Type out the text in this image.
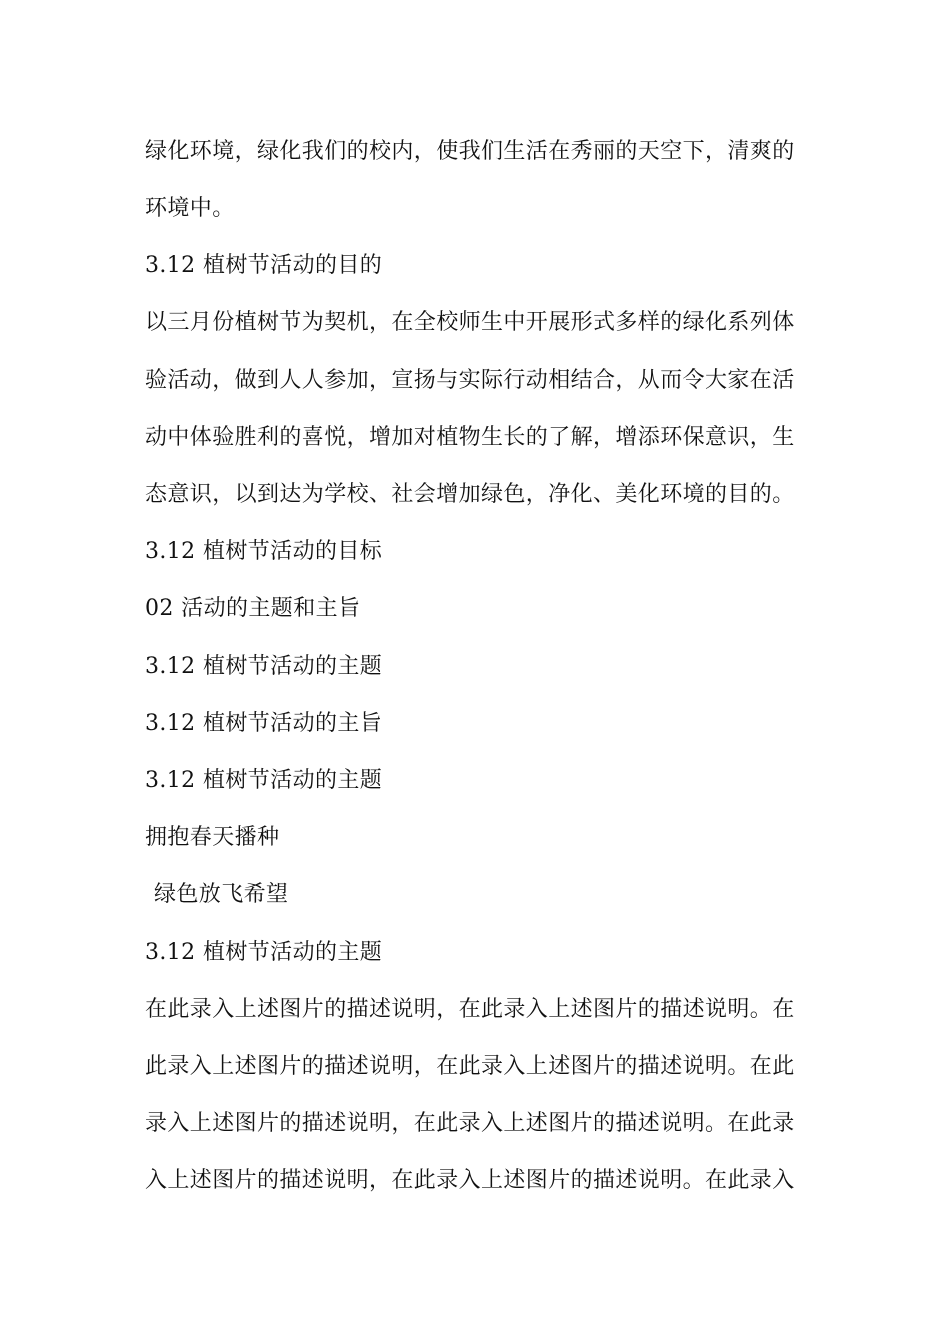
绿化环境，绿化我们的校内，使我们生活在秀丽的天空下，清爽的

环境中。

3.12 植树节活动的目的

以三月份植树节为契机，在全校师生中开展形式多样的绿化系列体

验活动，做到人人参加，宣扬与实际行动相结合，从而令大家在活

动中体验胜利的喜悦，增加对植物生长的了解，增添环保意识，生

态意识，以到达为学校、社会增加绿色，净化、美化环境的目的。

3.12 植树节活动的目标

02 活动的主题和主旨

3.12 植树节活动的主题

3.12 植树节活动的主旨

3.12 植树节活动的主题

拥抱春天播种

绿色放飞希望

3.12 植树节活动的主题

在此录入上述图片的描述说明，在此录入上述图片的描述说明。在

此录入上述图片的描述说明，在此录入上述图片的描述说明。在此

录入上述图片的描述说明，在此录入上述图片的描述说明。在此录

入上述图片的描述说明，在此录入上述图片的描述说明。在此录入
